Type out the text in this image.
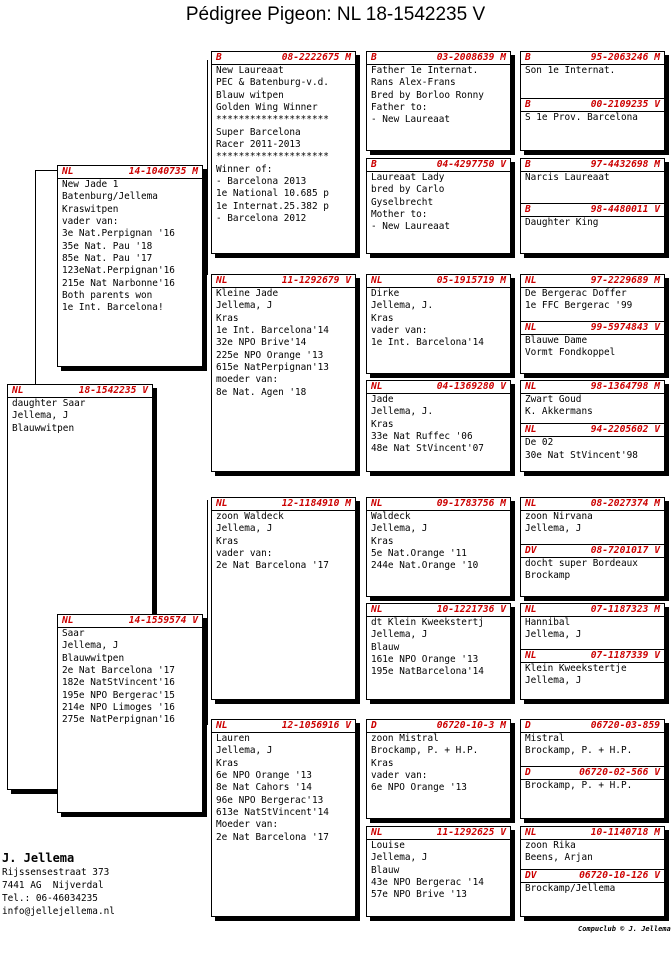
Pédigree Pigeon: NL 18-1542235 V
NL	18-1542235 V
daughter Saar
Jellema, J
Blauwwitpen
NL	14-1040735 M
New Jade 1
Batenburg/Jellema
Kraswitpen
vader van:
3e Nat.Perpignan '16
35e Nat. Pau '18
85e Nat. Pau '17
123eNat.Perpignan'16
215e Nat Narbonne'16
Both parents won
1e Int. Barcelona!
NL	14-1559574 V
Saar
Jellema, J
Blauwwitpen
2e Nat Barcelona '17
182e NatStVincent'16
195e NPO Bergerac'15
214e NPO Limoges '16
275e NatPerpignan'16
B	08-2222675 M
New Laureaat
PEC & Batenburg-v.d.
Blauw witpen
Golden Wing Winner
********************
Super Barcelona
Racer 2011-2013
********************
Winner of:
- Barcelona 2013
1e National 10.685 p
1e Internat.25.382 p
- Barcelona 2012
NL	11-1292679 V
Kleine Jade
Jellema, J
Kras
1e Int. Barcelona'14
32e NPO Brive'14
225e NPO Orange '13
615e NatPerpignan'13
moeder van:
8e Nat. Agen '18
NL	12-1184910 M
zoon Waldeck
Jellema, J
Kras
vader van:
2e Nat Barcelona '17
NL	12-1056916 V
Lauren
Jellema, J
Kras
6e NPO Orange '13
8e Nat Cahors '14
96e NPO Bergerac'13
613e NatStVincent'14
Moeder van:
2e Nat Barcelona '17
B	03-2008639 M
Father 1e Internat.
Rans Alex-Frans
Bred by Borloo Ronny
Father to:
- New Laureaat
B	04-4297750 V
Laureaat Lady
bred by Carlo
Gyselbrecht
Mother to:
- New Laureaat
NL	05-1915719 M
Dirke
Jellema, J.
Kras
vader van:
1e Int. Barcelona'14
NL	04-1369280 V
Jade
Jellema, J.
Kras
33e Nat Ruffec '06
48e Nat StVincent'07
NL	09-1783756 M
Waldeck
Jellema, J
Kras
5e Nat.Orange '11
244e Nat.Orange '10
NL	10-1221736 V
dt Klein Kweekstertj
Jellema, J
Blauw
161e NPO Orange '13
195e NatBarcelona'14
D	06720-10-3 M
zoon Mistral
Brockamp, P. + H.P.
Kras
vader van:
6e NPO Orange '13
NL	11-1292625 V
Louise
Jellema, J
Blauw
43e NPO Bergerac '14
57e NPO Brive '13
B	95-2063246 M
Son 1e Internat.
B	00-2109235 V
S 1e Prov. Barcelona
B	97-4432698 M
Narcis Laureaat
B	98-4480011 V
Daughter King
NL	97-2229689 M
De Bergerac Doffer
1e FFC Bergerac '99
NL	99-5974843 V
Blauwe Dame
Vormt Fondkoppel
NL	98-1364798 M
Zwart Goud
K. Akkermans
NL	94-2205602 V
De 02
30e Nat StVincent'98
NL	08-2027374 M
zoon Nirvana
Jellema, J
DV	08-7201017 V
docht super Bordeaux
Brockamp
NL	07-1187323 M
Hannibal
Jellema, J
NL	07-1187339 V
Klein Kweekstertje
Jellema, J
D	06720-03-859
Mistral
Brockamp, P. + H.P.
D	06720-02-566 V
Brockamp, P. + H.P.
NL	10-1140718 M
zoon Rika
Beens, Arjan
DV	06720-10-126 V
Brockamp/Jellema
J. Jellema
Rijssensestraat 373
7441 AG  Nijverdal
Tel.: 06-46034235
info@jellejellema.nl
Compuclub © J. Jellema
